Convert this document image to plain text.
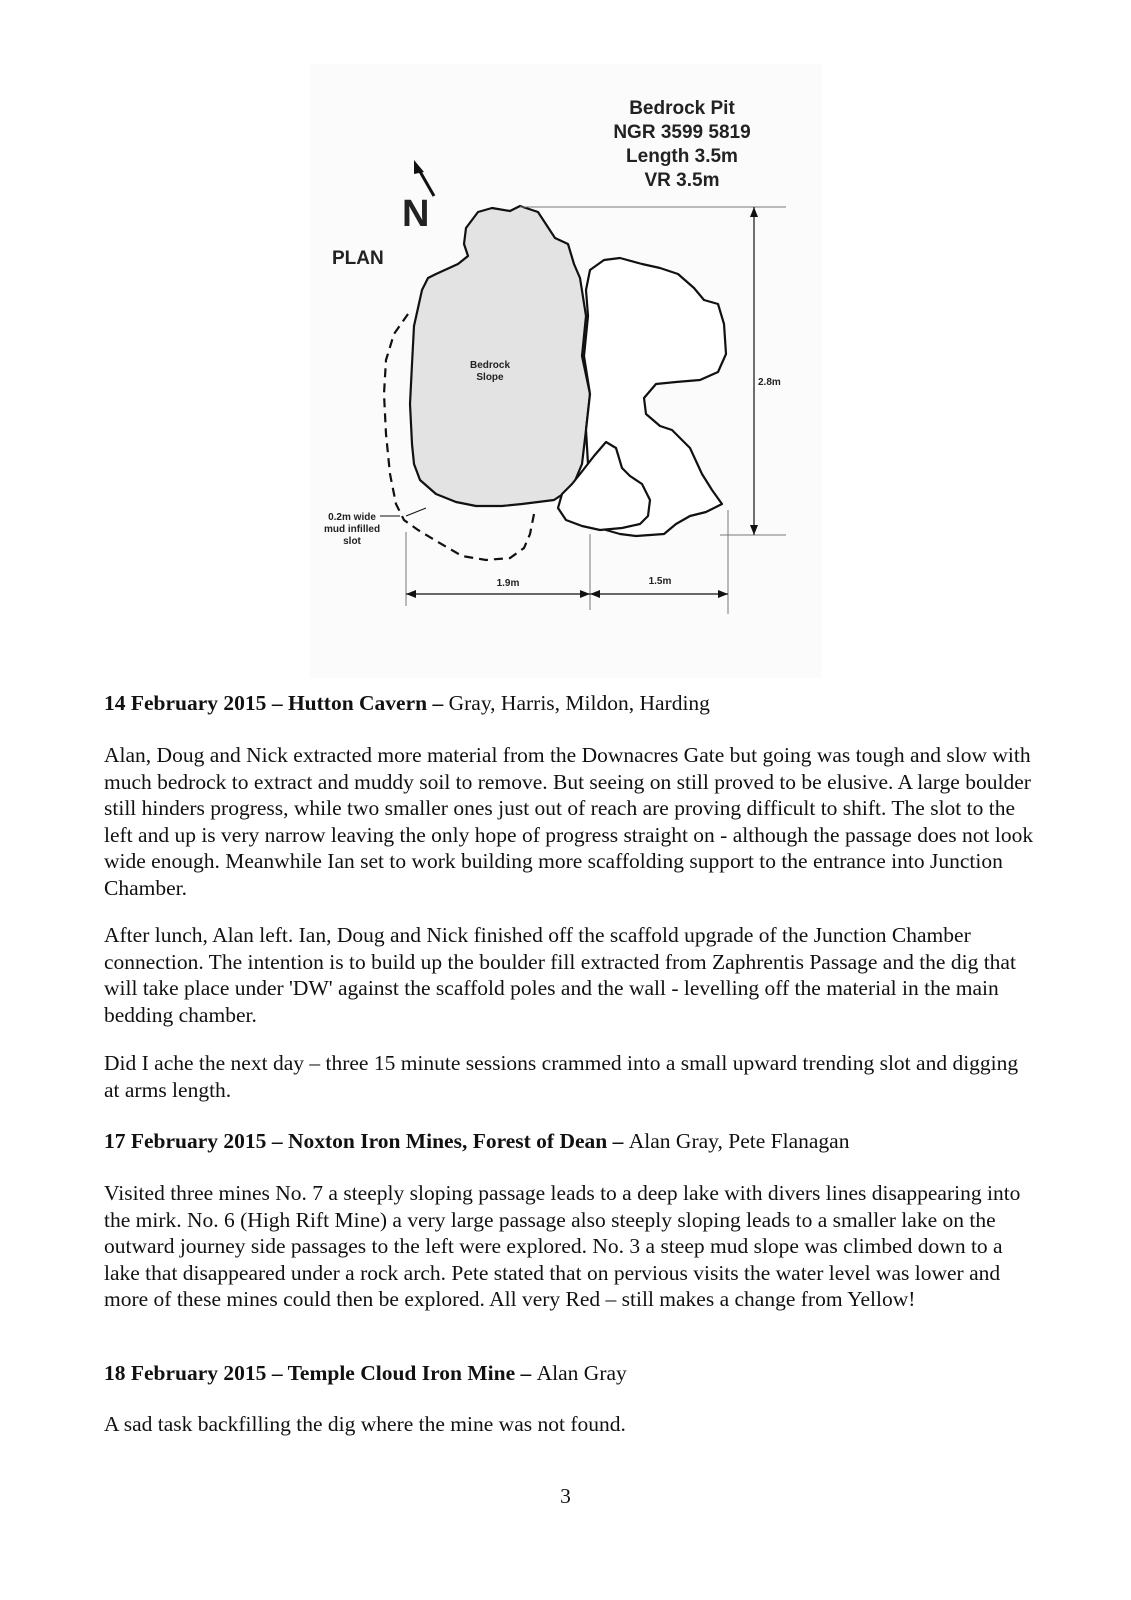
Bedrock Pit
NGR 3599 5819
Length 3.5m
VR 3.5m
N
PLAN
0.2m wide
mud infilled
slot
Bedrock
Slope	2.8m
1.9m	1.5m

14 February 2015 – Hutton Cavern – Gray, Harris, Mildon, Harding

Alan, Doug and Nick extracted more material from the Downacres Gate but going was tough and slow with much bedrock to extract and muddy soil to remove. But seeing on still proved to be elusive. A large boulder still hinders progress, while two smaller ones just out of reach are proving difficult to shift. The slot to the left and up is very narrow leaving the only hope of progress straight on - although the passage does not look wide enough. Meanwhile Ian set to work building more scaffolding support to the entrance into Junction Chamber.

After lunch, Alan left. Ian, Doug and Nick finished off the scaffold upgrade of the Junction Chamber connection. The intention is to build up the boulder fill extracted from Zaphrentis Passage and the dig that will take place under 'DW' against the scaffold poles and the wall - levelling off the material in the main bedding chamber.

Did I ache the next day – three 15 minute sessions crammed into a small upward trending slot and digging at arms length.

17 February 2015 – Noxton Iron Mines, Forest of Dean – Alan Gray, Pete Flanagan

Visited three mines No. 7 a steeply sloping passage leads to a deep lake with divers lines disappearing into the mirk. No. 6 (High Rift Mine) a very large passage also steeply sloping leads to a smaller lake on the outward journey side passages to the left were explored. No. 3 a steep mud slope was climbed down to a lake that disappeared under a rock arch. Pete stated that on pervious visits the water level was lower and more of these mines could then be explored. All very Red – still makes a change from Yellow!

18 February 2015 – Temple Cloud Iron Mine – Alan Gray

A sad task backfilling the dig where the mine was not found.

3
